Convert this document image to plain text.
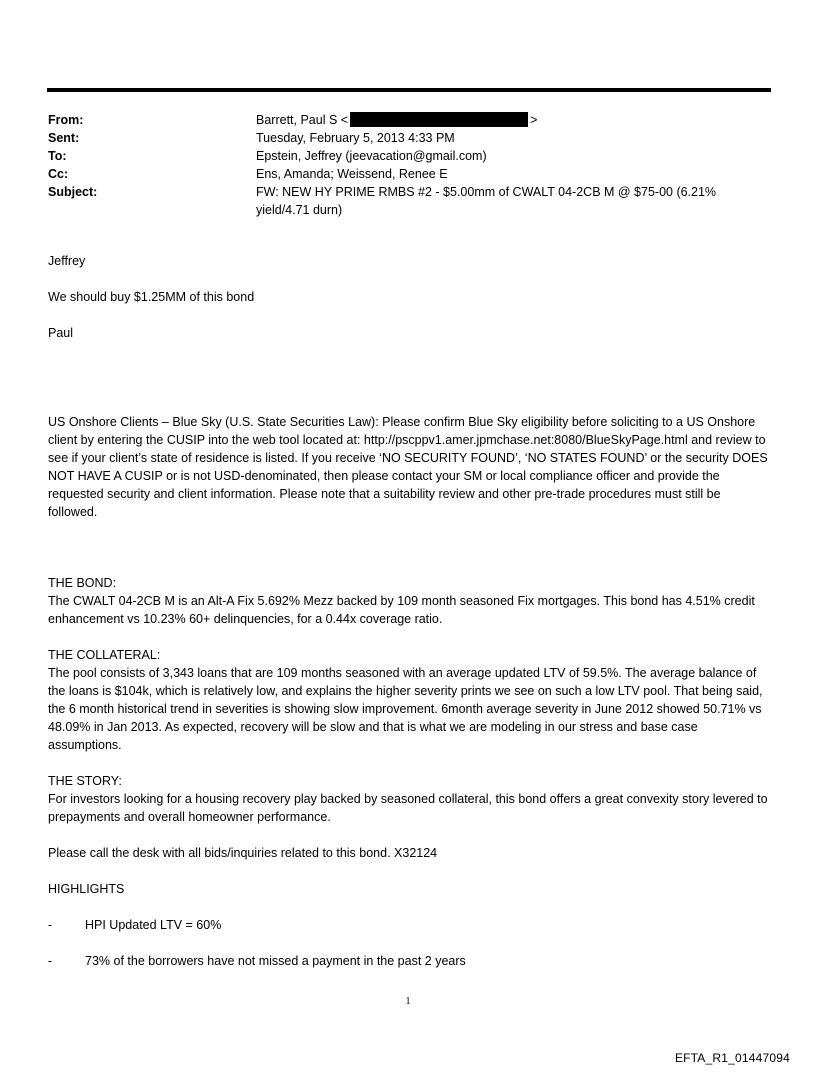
From:	Barrett, Paul S <	>
Sent:	Tuesday, February 5, 2013 4:33 PM
To:	Epstein, Jeffrey (jeevacation@gmail.com)
Cc:	Ens, Amanda; Weissend, Renee E
Subject:	FW: NEW HY PRIME RMBS #2 - $5.00mm of CWALT 04-2CB M @ $75-00 (6.21% yield/4.71 durn)

Jeffrey

We should buy $1.25MM of this bond

Paul

US Onshore Clients – Blue Sky (U.S. State Securities Law): Please confirm Blue Sky eligibility before soliciting to a US Onshore client by entering the CUSIP into the web tool located at: http://pscppv1.amer.jpmchase.net:8080/BlueSkyPage.html and review to see if your client’s state of residence is listed. If you receive ‘NO SECURITY FOUND’, ‘NO STATES FOUND’ or the security DOES NOT HAVE A CUSIP or is not USD-denominated, then please contact your SM or local compliance officer and provide the requested security and client information. Please note that a suitability review and other pre-trade procedures must still be followed.

THE BOND:

The CWALT 04-2CB M is an Alt-A Fix 5.692% Mezz backed by 109 month seasoned Fix mortgages. This bond has 4.51% credit enhancement vs 10.23% 60+ delinquencies, for a 0.44x coverage ratio.

THE COLLATERAL:

The pool consists of 3,343 loans that are 109 months seasoned with an average updated LTV of 59.5%. The average balance of the loans is $104k, which is relatively low, and explains the higher severity prints we see on such a low LTV pool. That being said, the 6 month historical trend in severities is showing slow improvement. 6month average severity in June 2012 showed 50.71% vs 48.09% in Jan 2013. As expected, recovery will be slow and that is what we are modeling in our stress and base case assumptions.

THE STORY:

For investors looking for a housing recovery play backed by seasoned collateral, this bond offers a great convexity story levered to prepayments and overall homeowner performance.

Please call the desk with all bids/inquiries related to this bond. X32124

HIGHLIGHTS

-	HPI Updated LTV = 60%
-	73% of the borrowers have not missed a payment in the past 2 years
1
EFTA_R1_01447094
